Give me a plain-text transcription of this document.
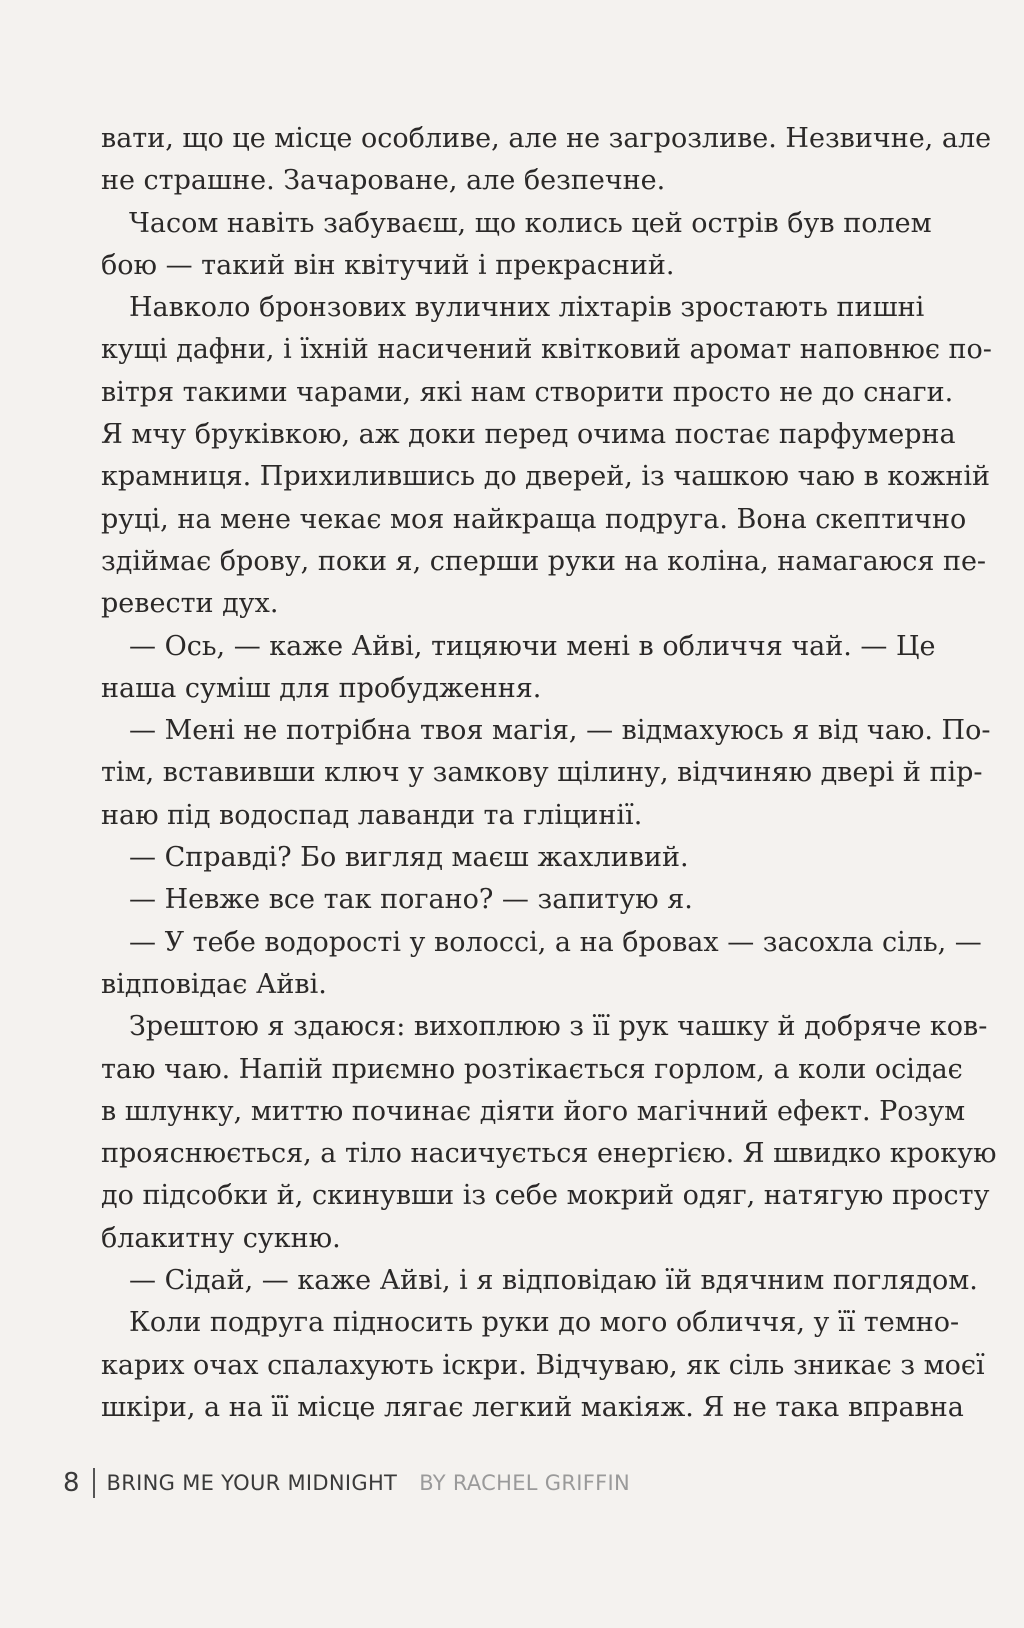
вати, що це місце особливе, але не загрозливе. Незвичне, але
не страшне. Зачароване, але безпечне.
Часом навіть забуваєш, що колись цей острів був полем
бою — такий він квітучий і прекрасний.
Навколо бронзових вуличних ліхтарів зростають пишні
кущі дафни, і їхній насичений квітковий аромат наповнює по-
вітря такими чарами, які нам створити просто не до снаги.
Я мчу бруківкою, аж доки перед очима постає парфумерна
крамниця. Прихилившись до дверей, із чашкою чаю в кожній
руці, на мене чекає моя найкраща подруга. Вона скептично
здіймає брову, поки я, сперши руки на коліна, намагаюся пе-
ревести дух.
— Ось, — каже Айві, тицяючи мені в обличчя чай. — Це
наша суміш для пробудження.
— Мені не потрібна твоя магія, — відмахуюсь я від чаю. По-
тім, вставивши ключ у замкову щілину, відчиняю двері й пір-
наю під водоспад лаванди та гліцинії.
— Справді? Бо вигляд маєш жахливий.
— Невже все так погано? — запитую я.
— У тебе водорості у волоссі, а на бровах — засохла сіль, —
відповідає Айві.
Зрештою я здаюся: вихоплюю з її рук чашку й добряче ков-
таю чаю. Напій приємно розтікається горлом, а коли осідає
в шлунку, миттю починає діяти його магічний ефект. Розум
прояснюється, а тіло насичується енергією. Я швидко крокую
до підсобки й, скинувши із себе мокрий одяг, натягую просту
блакитну сукню.
— Сідай, — каже Айві, і я відповідаю їй вдячним поглядом.
Коли подруга підносить руки до мого обличчя, у її темно-
карих очах спалахують іскри. Відчуваю, як сіль зникає з моєї
шкіри, а на її місце лягає легкий макіяж. Я не така вправна
8 BRING ME YOUR MIDNIGHT BY RACHEL GRIFFIN
